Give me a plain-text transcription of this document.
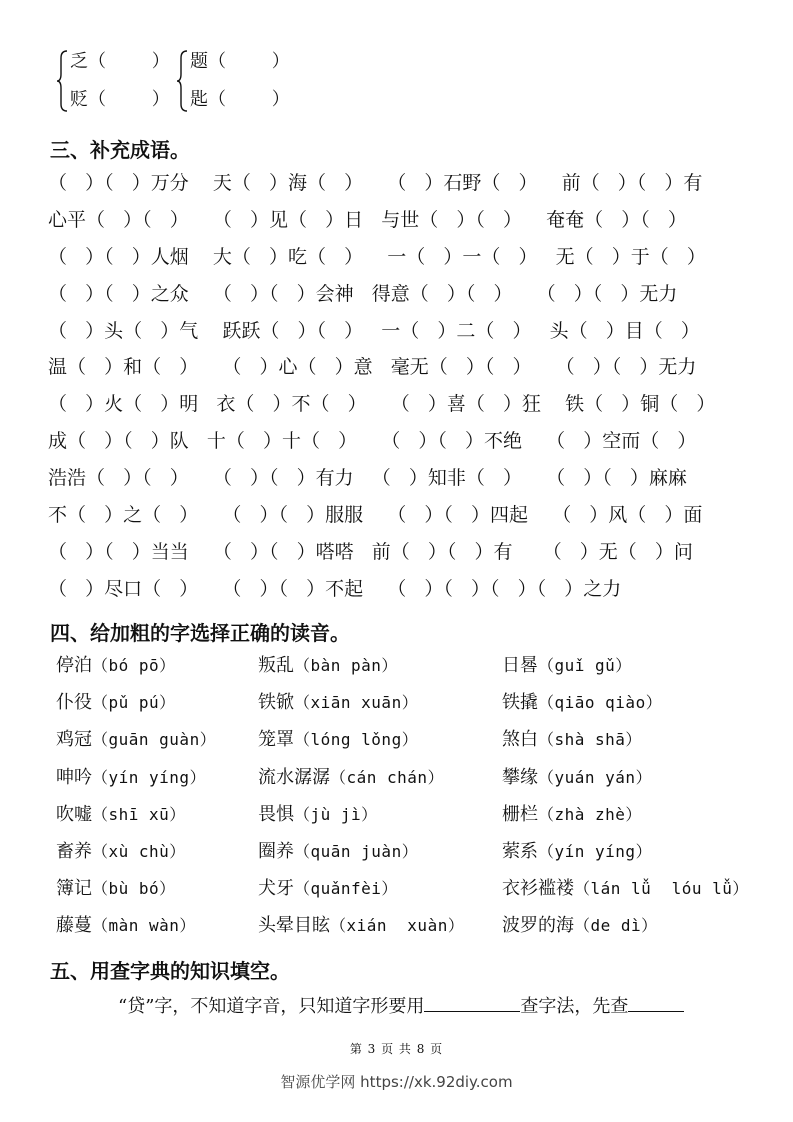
乏（        ）
贬（        ）
题（        ）
匙（        ）
三、补充成语。
（   ）（   ）万分    天（   ）海（   ）    （   ）石野（   ）    前（   ）（   ）有
心平（   ）（   ）    （   ）见（   ）日   与世（   ）（   ）    奄奄（   ）（   ）
（   ）（   ）人烟    大（   ）吃（   ）    一（   ）一（   ）   无（   ）于（   ）
（   ）（   ）之众    （   ）（   ）会神   得意（   ）（   ）    （   ）（   ）无力
（   ）头（   ）气    跃跃（   ）（   ）   一（   ）二（   ）   头（   ）目（   ）
温（   ）和（   ）    （   ）心（   ）意   毫无（   ）（   ）    （   ）（   ）无力
（   ）火（   ）明   衣（   ）不（   ）    （   ）喜（   ）狂    铁（   ）铜（   ）
成（   ）（   ）队   十（   ）十（   ）    （   ）（   ）不绝    （   ）空而（   ）
浩浩（   ）（   ）    （   ）（   ）有力   （   ）知非（   ）    （   ）（   ）麻麻
不（   ）之（   ）    （   ）（   ）服服    （   ）（   ）四起    （   ）风（   ）面
（   ）（   ）当当    （   ）（   ）嗒嗒   前（   ）（   ）有     （   ）无（   ）问
（   ）尽口（   ）    （   ）（   ）不起    （   ）（   ）（   ）（   ）之力
四、给加粗的字选择正确的读音。
停泊（bó pō）	叛乱（bàn pàn）	日晷（guǐ gǔ）
仆役（pǔ pú）	铁锨（xiān xuān）	铁撬（qiāo qiào）
鸡冠（guān guàn） 笼罩（lóng lǒng）	煞白（shà shā）
呻吟（yín yíng）	流水潺潺（cán chán）	攀缘（yuán yán）
吹嘘（shī xū）	畏惧（jù jì）	栅栏（zhà zhè）
畜养（xù chù）	圈养（quān juàn）	萦系（yín yíng）
簿记（bù bó）	犬牙（quǎnfèi）	衣衫褴褛（lán lǚ  lóu lǚ）
藤蔓（màn wàn）	头晕目眩（xián  xuàn） 波罗的海（de dì）
五、用查字典的知识填空。
“贷”字，不知道字音，只知道字形要用	查字法，先查
第 3 页 共 8 页
智源优学网 https://xk.92diy.com
